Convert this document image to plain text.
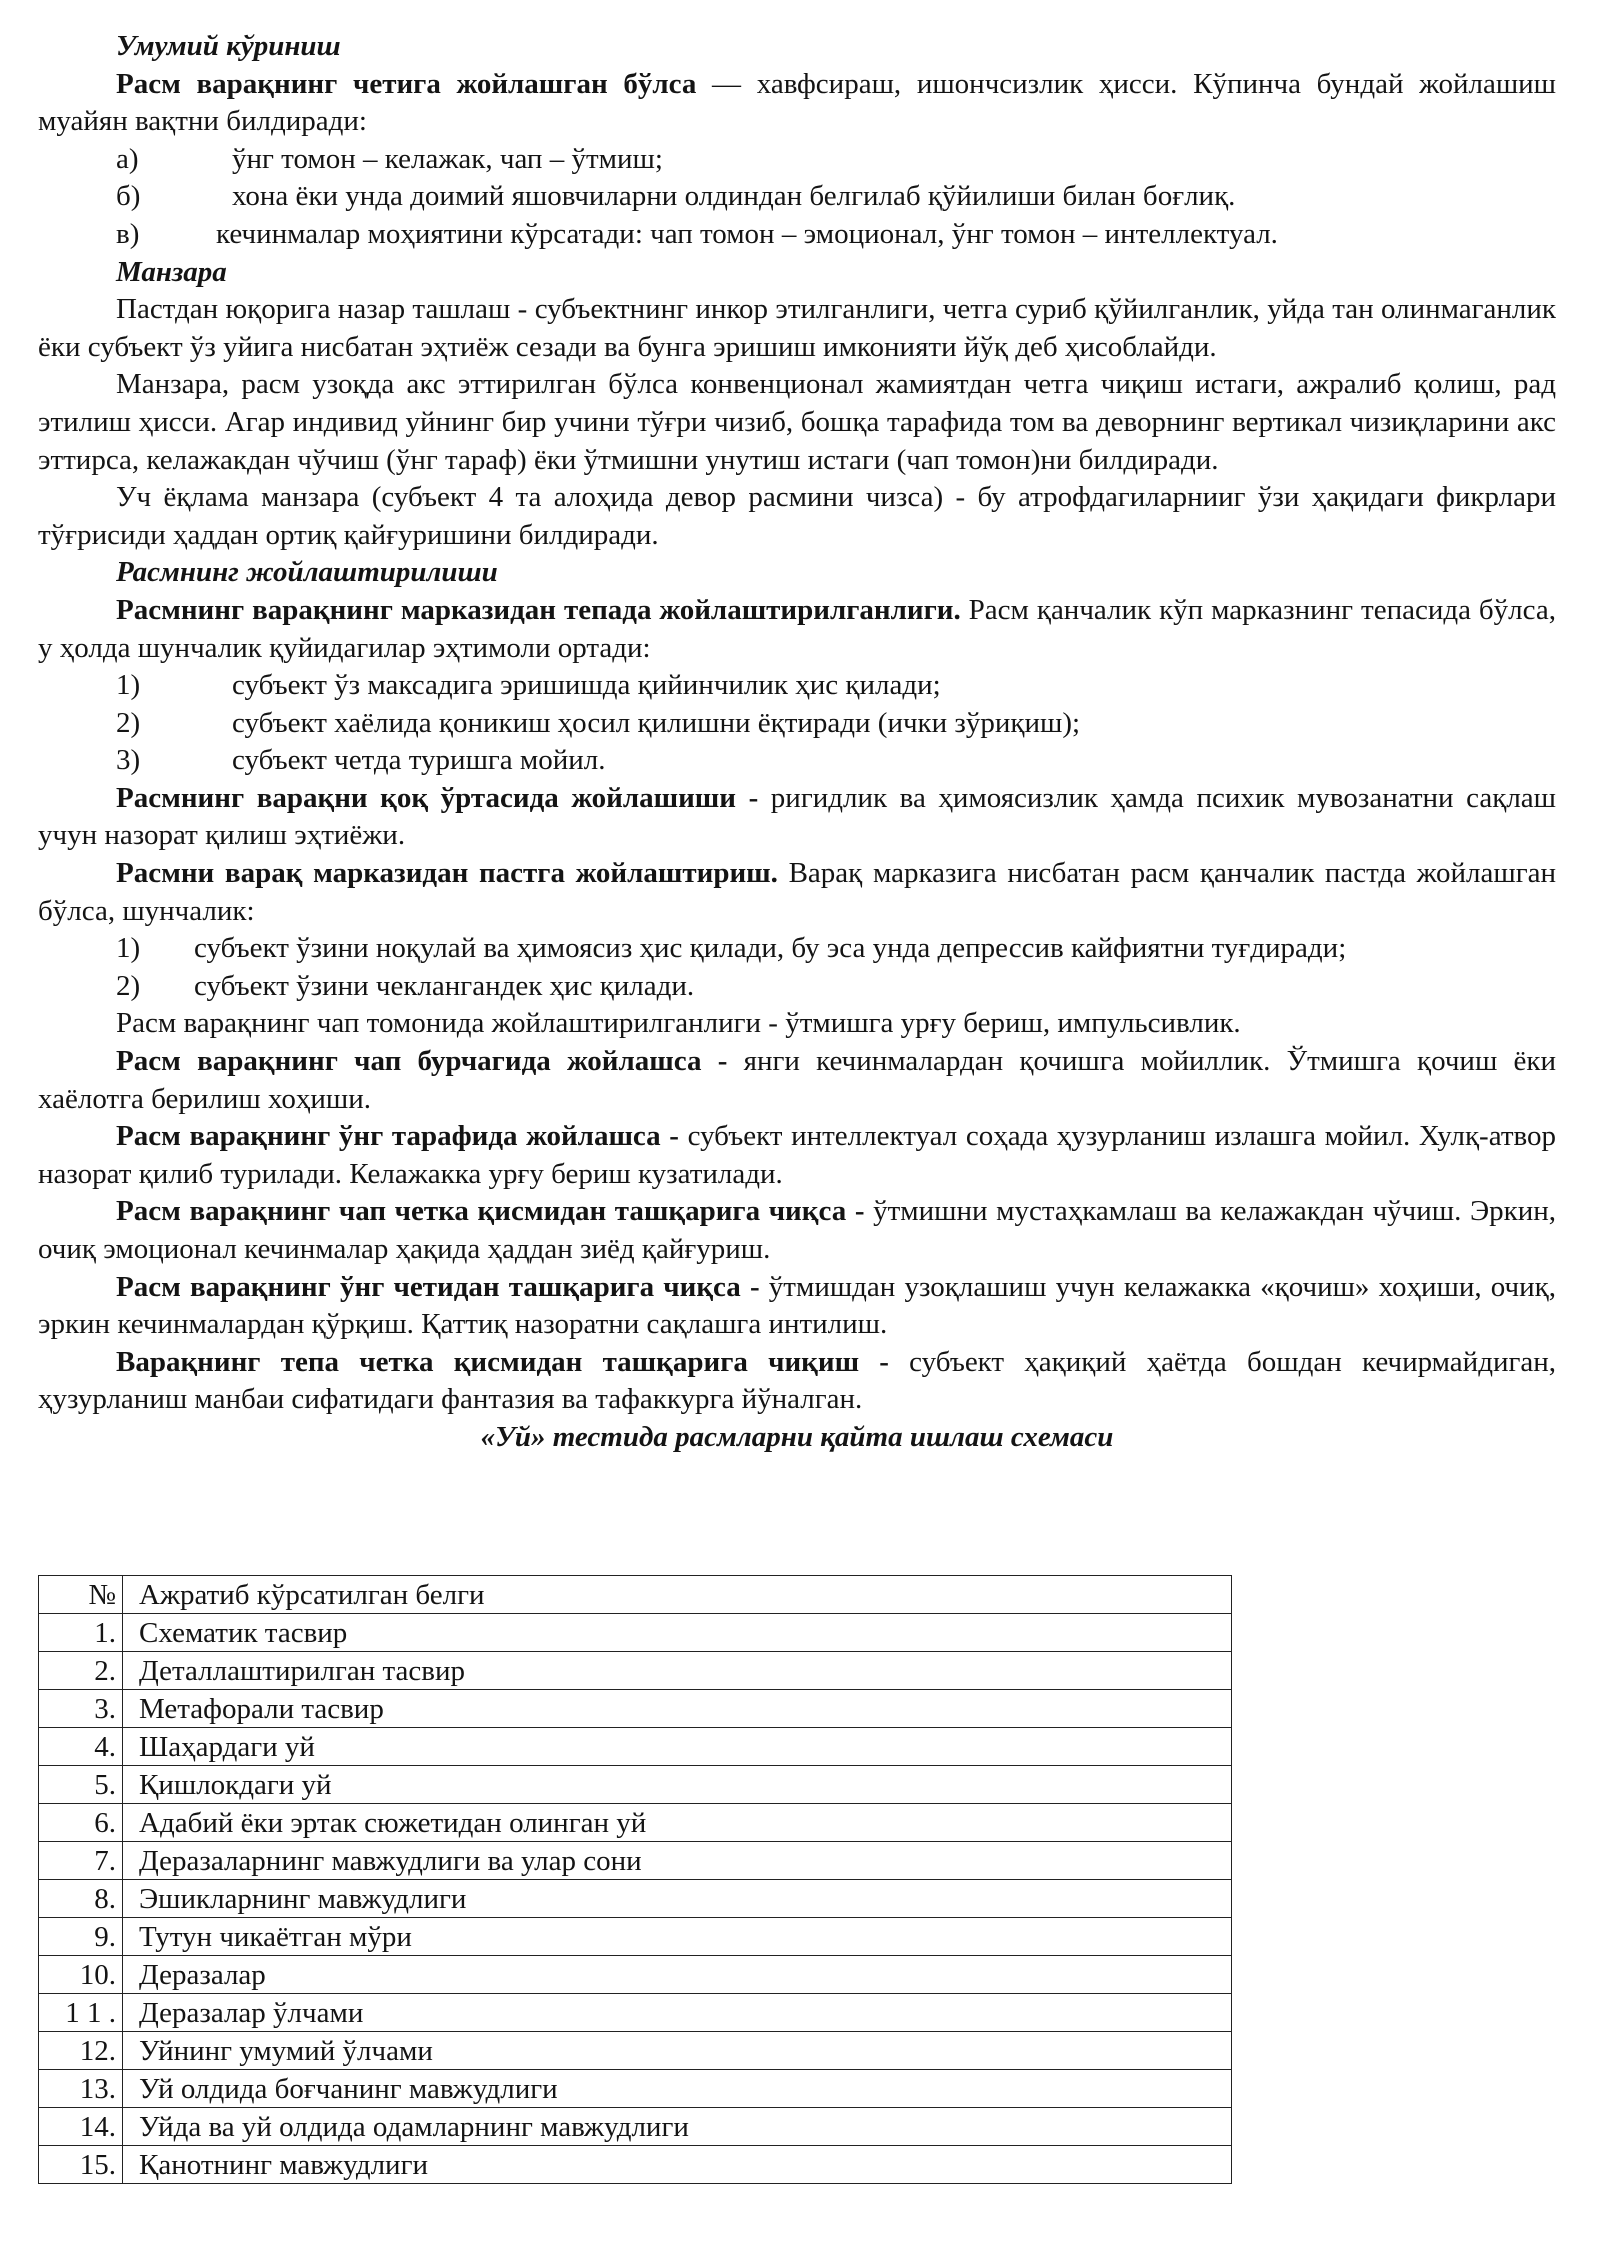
Умумий кўриниш

Расм варақнинг четига жойлашган бўлса — хавфсираш, ишончсизлик ҳисси. Кўпинча бундай жойлашиш муайян вақтни билдиради:

а)	ўнг томон – келажак, чап – ўтмиш;

б)	хона ёки унда доимий яшовчиларни олдиндан белгилаб қўйилиши билан боғлиқ.

в)	кечинмалар моҳиятини кўрсатади: чап томон – эмоционал, ўнг томон – интеллектуал.

Манзара

Пастдан юқорига назар ташлаш - субъектнинг инкор этилганлиги, четга суриб қўйилганлик, уйда тан олинмаганлик ёки субъект ўз уйига нисбатан эҳтиёж сезади ва бунга эришиш имконияти йўқ деб ҳисоблайди.

Манзара, расм узоқда акс эттирилган бўлса конвенционал жамиятдан четга чиқиш истаги, ажралиб қолиш, рад этилиш ҳисси. Агар индивид уйнинг бир учини тўғри чизиб, бошқа тарафида том ва деворнинг вертикал чизиқларини акс эттирса, келажакдан чўчиш (ўнг тараф) ёки ўтмишни унутиш истаги (чап томон)ни билдиради.

Уч ёқлама манзара (субъект 4 та алоҳида девор расмини чизса) - бу атрофдагиларнииг ўзи ҳақидаги фикрлари тўғрисиди ҳаддан ортиқ қайғуришини билдиради.

Расмнинг жойлаштирилиши

Расмнинг варақнинг марказидан тепада жойлаштирилганлиги. Расм қанчалик кўп марказнинг тепасида бўлса, у ҳолда шунчалик қуйидагилар эҳтимоли ортади:

1)	субъект ўз максадига эришишда қийинчилик ҳис қилади;

2)	субъект хаёлида қоникиш ҳосил қилишни ёқтиради (ички зўриқиш);

3)	субъект четда туришга мойил.

Расмнинг варақни қоқ ўртасида жойлашиши - ригидлик ва ҳимоясизлик ҳамда психик мувозанатни сақлаш учун назорат қилиш эҳтиёжи.

Расмни варақ марказидан пастга жойлаштириш. Варақ марказига нисбатан расм қанчалик пастда жойлашган бўлса, шунчалик:

1) субъект ўзини ноқулай ва ҳимоясиз ҳис қилади, бу эса унда депрессив кайфиятни туғдиради;

2) субъект ўзини чеклангандек ҳис қилади.

Расм варақнинг чап томонида жойлаштирилганлиги - ўтмишга урғу бериш, импульсивлик.

Расм варақнинг чап бурчагида жойлашса - янги кечинмалардан қочишга мойиллик. Ўтмишга қочиш ёки хаёлотга берилиш хоҳиши.

Расм варақнинг ўнг тарафида жойлашса - субъект интеллектуал соҳада ҳузурланиш излашга мойил. Хулқ-атвор назорат қилиб турилади. Келажакка урғу бериш кузатилади.

Расм варақнинг чап четка қисмидан ташқарига чиқса - ўтмишни мустаҳкамлаш ва келажакдан чўчиш. Эркин, очиқ эмоционал кечинмалар ҳақида ҳаддан зиёд қайғуриш.

Расм варақнинг ўнг четидан ташқарига чиқса - ўтмишдан узоқлашиш учун келажакка «қочиш» хоҳиши, очиқ, эркин кечинмалардан қўрқиш. Қаттиқ назоратни сақлашга интилиш.

Варақнинг тепа четка қисмидан ташқарига чиқиш - субъект ҳақиқий ҳаётда бошдан кечирмайдиган, ҳузурланиш манбаи сифатидаги фантазия ва тафаккурга йўналган.

«Уй» тестида расмларни қайта ишлаш схемаси

№	Ажратиб кўрсатилган белги
1.	Схематик тасвир
2.	Деталлаштирилган тасвир
3.	Метафорали тасвир
4.	Шаҳардаги уй
5.	Қишлокдаги уй
6.	Адабий ёки эртак сюжетидан олинган уй
7.	Деразаларнинг мавжудлиги ва улар сони
8.	Эшикларнинг мавжудлиги
9.	Тутун чикаётган мўри
10.	Деразалар
1 1 .	Деразалар ўлчами
12.	Уйнинг умумий ўлчами
13.	Уй олдида боғчанинг мавжудлиги
14.	Уйда ва уй олдида одамларнинг мавжудлиги
15.	Қанотнинг мавжудлиги
